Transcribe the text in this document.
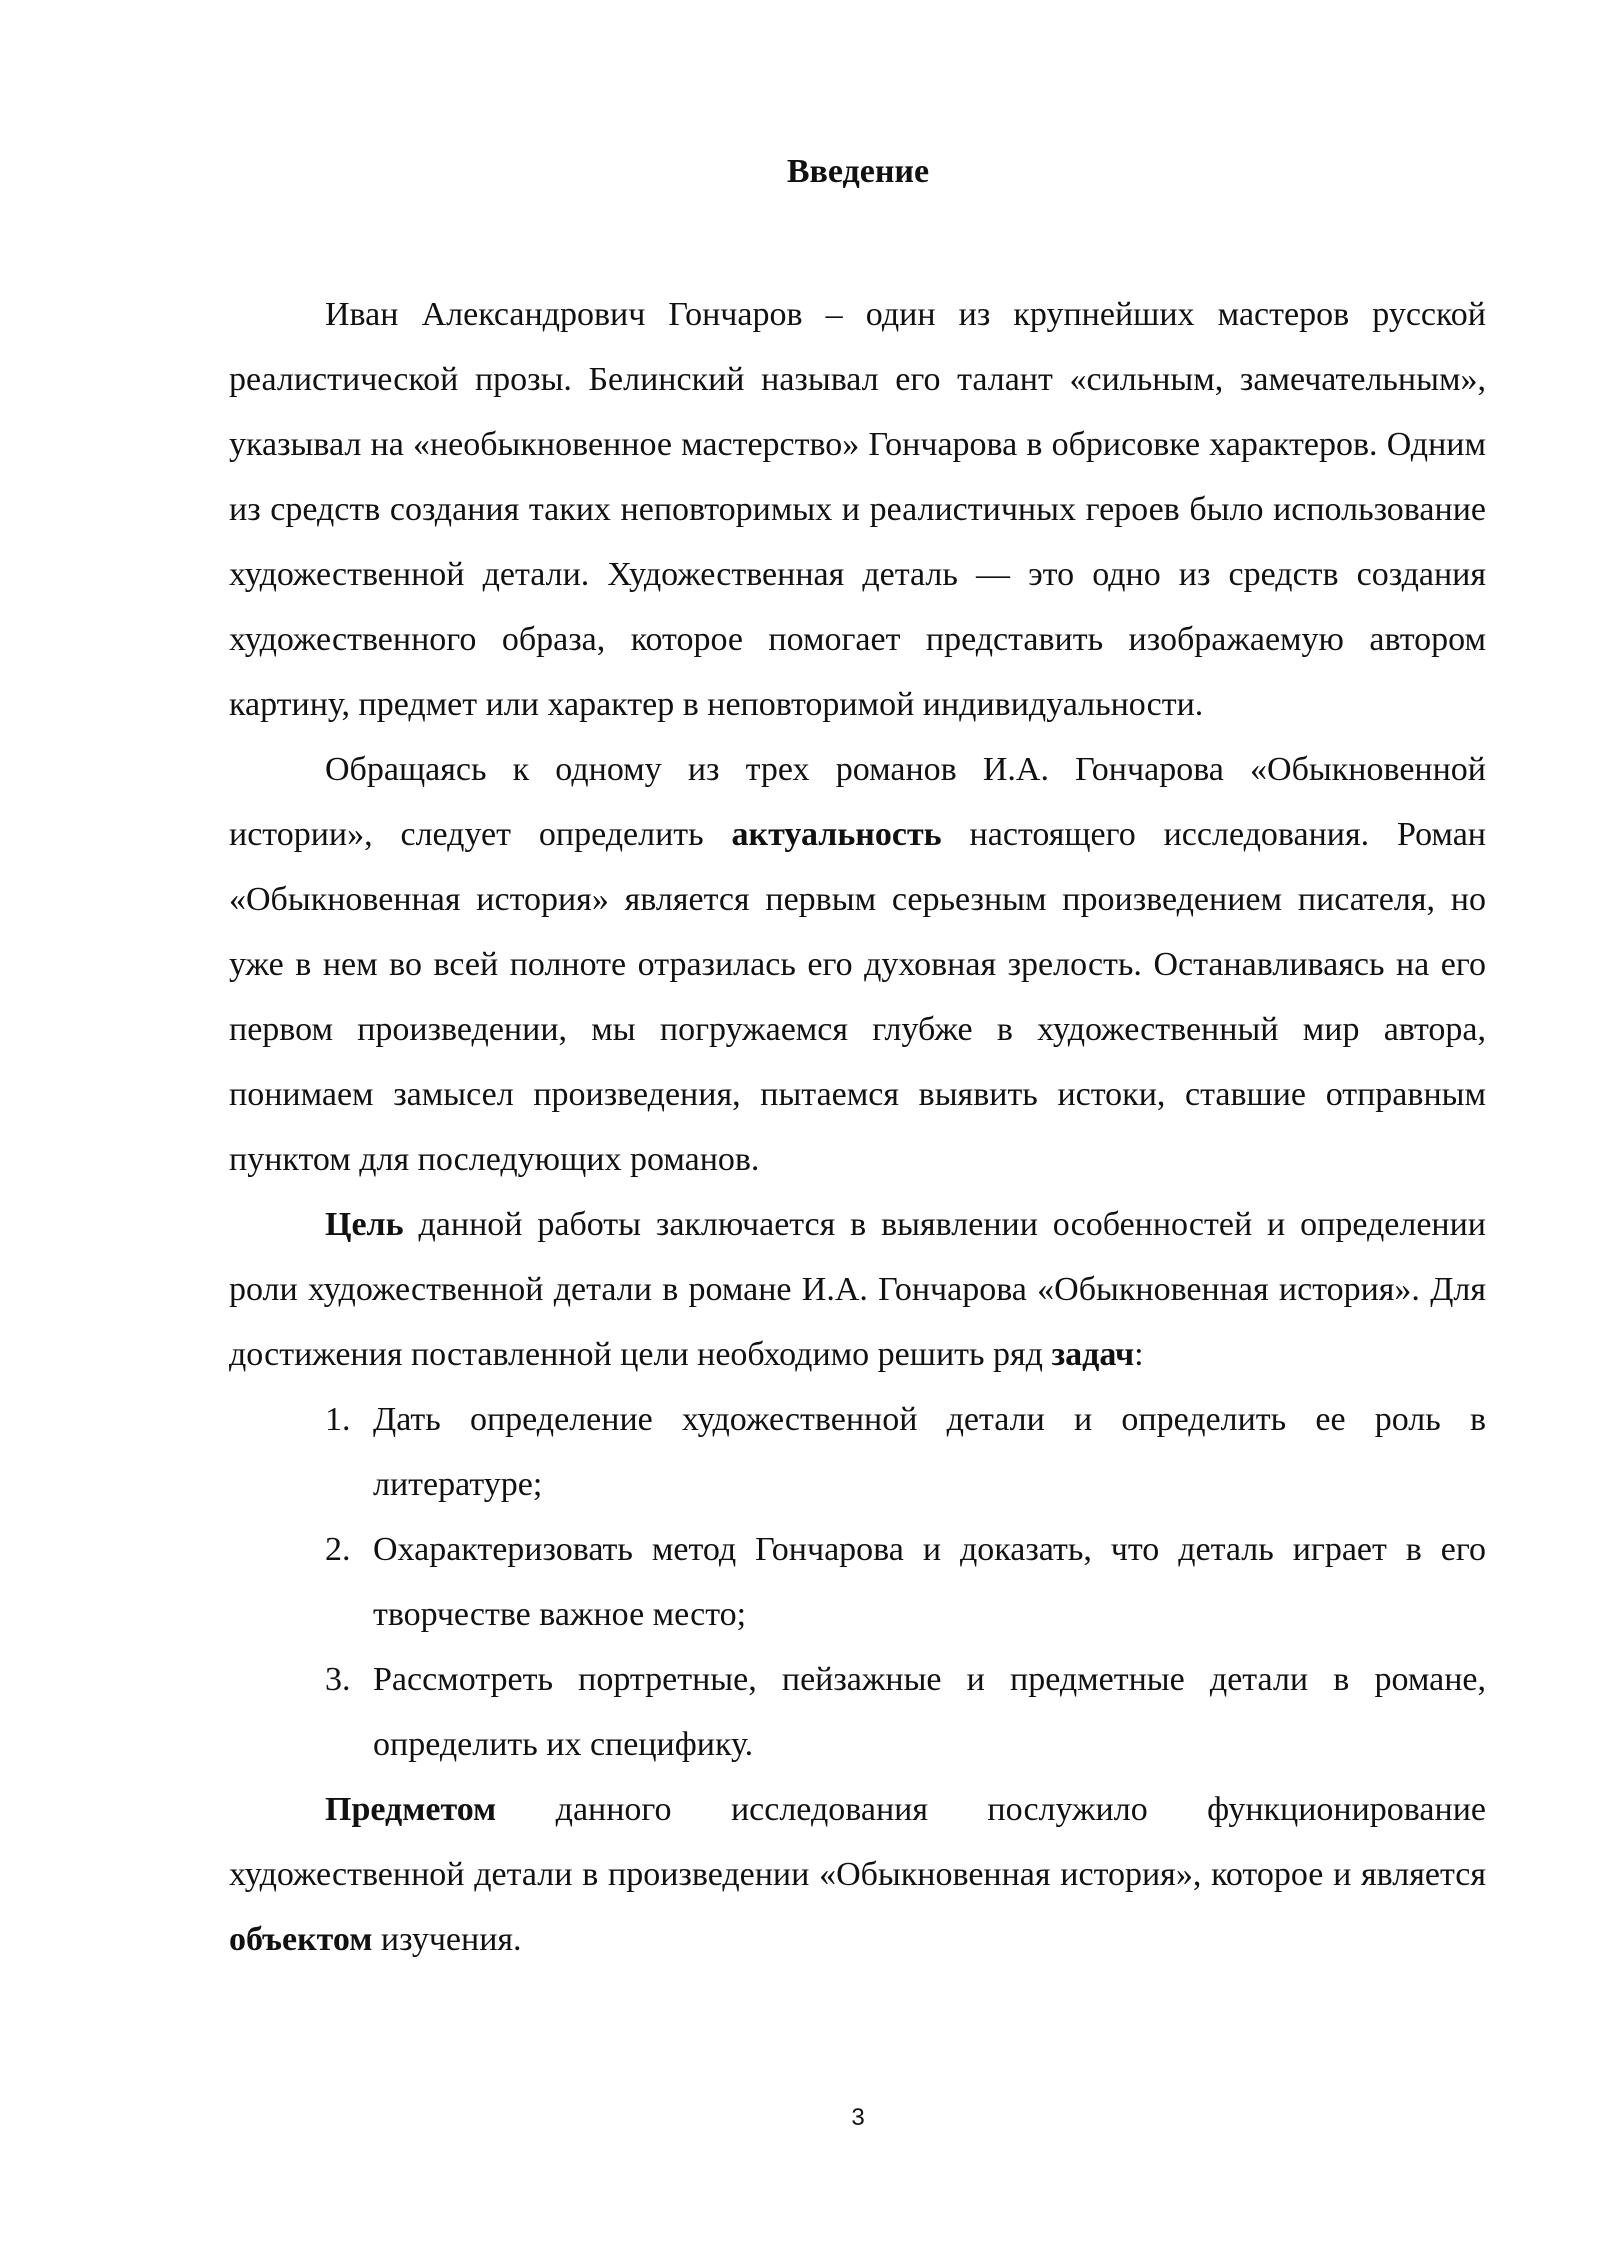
Введение

Иван Александрович Гончаров – один из крупнейших мастеров русской реалистической прозы. Белинский называл его талант «сильным, замечательным», указывал на «необыкновенное мастерство» Гончарова в обрисовке характеров. Одним из средств создания таких неповторимых и реалистичных героев было использование художественной детали. Художественная деталь — это одно из средств создания художественного образа, которое помогает представить изображаемую автором картину, предмет или характер в неповторимой индивидуальности.

Обращаясь к одному из трех романов И.А. Гончарова «Обыкновенной истории», следует определить актуальность настоящего исследования. Роман «Обыкновенная история» является первым серьезным произведением писателя, но уже в нем во всей полноте отразилась его духовная зрелость. Останавливаясь на его первом произведении, мы погружаемся глубже в художественный мир автора, понимаем замысел произведения, пытаемся выявить истоки, ставшие отправным пунктом для последующих романов.

Цель данной работы заключается в выявлении особенностей и определении роли художественной детали в романе И.А. Гончарова «Обыкновенная история». Для достижения поставленной цели необходимо решить ряд задач:

1. Дать определение художественной детали и определить ее роль в литературе;
2. Охарактеризовать метод Гончарова и доказать, что деталь играет в его творчестве важное место;
3. Рассмотреть портретные, пейзажные и предметные детали в романе, определить их специфику.

Предметом данного исследования послужило функционирование художественной детали в произведении «Обыкновенная история», которое и является объектом изучения.

3
